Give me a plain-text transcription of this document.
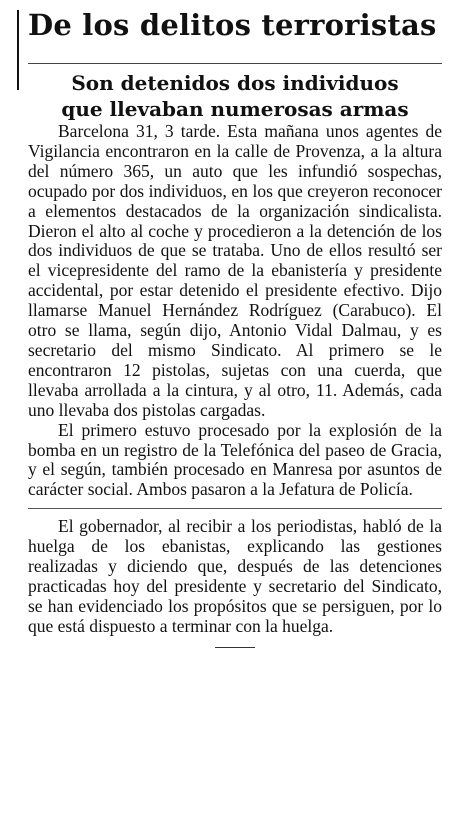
De los delitos terroristas
Son detenidos dos individuos
que llevaban numerosas armas

Barcelona 31, 3 tarde. Esta mañana unos agentes de Vigilancia encontraron en la calle de Provenza, a la altura del número 365, un auto que les infundió sospechas, ocupado por dos individuos, en los que creyeron reconocer a elementos destacados de la organización sindicalista. Dieron el alto al coche y procedieron a la detención de los dos individuos de que se trataba. Uno de ellos resultó ser el vicepresidente del ramo de la ebanistería y presidente accidental, por estar detenido el presidente efectivo. Dijo llamarse Manuel Hernández Rodríguez (Carabuco). El otro se llama, según dijo, Antonio Vidal Dalmau, y es secretario del mismo Sindicato. Al primero se le encontraron 12 pistolas, sujetas con una cuerda, que llevaba arrollada a la cintura, y al otro, 11. Además, cada uno llevaba dos pistolas cargadas.

El primero estuvo procesado por la explosión de la bomba en un registro de la Telefónica del paseo de Gracia, y el según, también procesado en Manresa por asuntos de carácter social. Ambos pasaron a la Jefatura de Policía.

El gobernador, al recibir a los periodistas, habló de la huelga de los ebanistas, explicando las gestiones realizadas y diciendo que, después de las detenciones practicadas hoy del presidente y secretario del Sindicato, se han evidenciado los propósitos que se persiguen, por lo que está dispuesto a terminar con la huelga.
